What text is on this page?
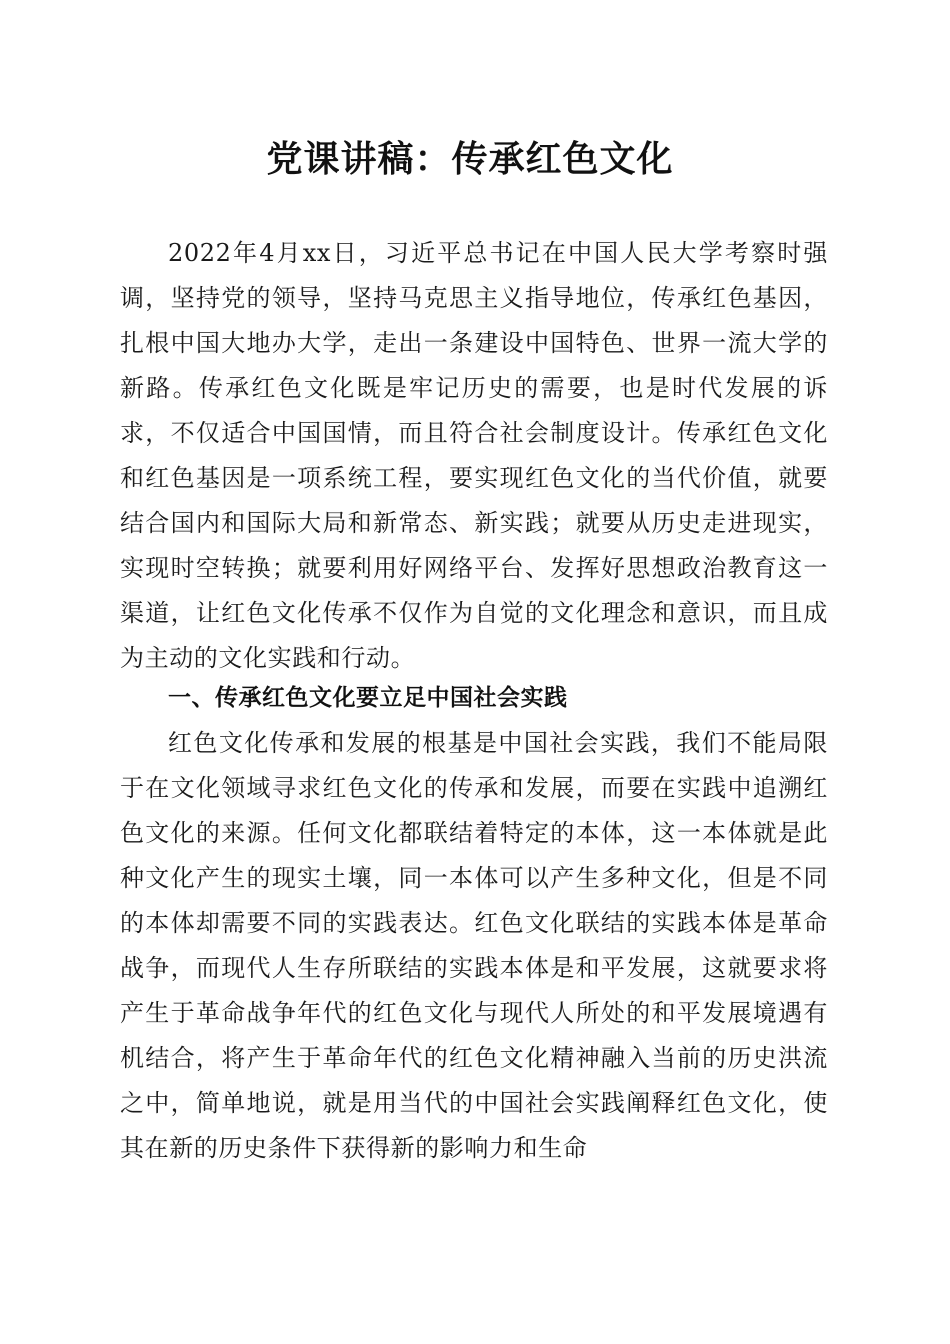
党课讲稿：传承红色文化

2022年4月xx日，习近平总书记在中国人民大学考察时强调，坚持党的领导，坚持马克思主义指导地位，传承红色基因，扎根中国大地办大学，走出一条建设中国特色、世界一流大学的新路。传承红色文化既是牢记历史的需要，也是时代发展的诉求，不仅适合中国国情，而且符合社会制度设计。传承红色文化和红色基因是一项系统工程，要实现红色文化的当代价值，就要结合国内和国际大局和新常态、新实践；就要从历史走进现实，实现时空转换；就要利用好网络平台、发挥好思想政治教育这一渠道，让红色文化传承不仅作为自觉的文化理念和意识，而且成为主动的文化实践和行动。

一、传承红色文化要立足中国社会实践

红色文化传承和发展的根基是中国社会实践，我们不能局限于在文化领域寻求红色文化的传承和发展，而要在实践中追溯红色文化的来源。任何文化都联结着特定的本体，这一本体就是此种文化产生的现实土壤，同一本体可以产生多种文化，但是不同的本体却需要不同的实践表达。红色文化联结的实践本体是革命战争，而现代人生存所联结的实践本体是和平发展，这就要求将产生于革命战争年代的红色文化与现代人所处的和平发展境遇有机结合，将产生于革命年代的红色文化精神融入当前的历史洪流之中，简单地说，就是用当代的中国社会实践阐释红色文化，使其在新的历史条件下获得新的影响力和生命
